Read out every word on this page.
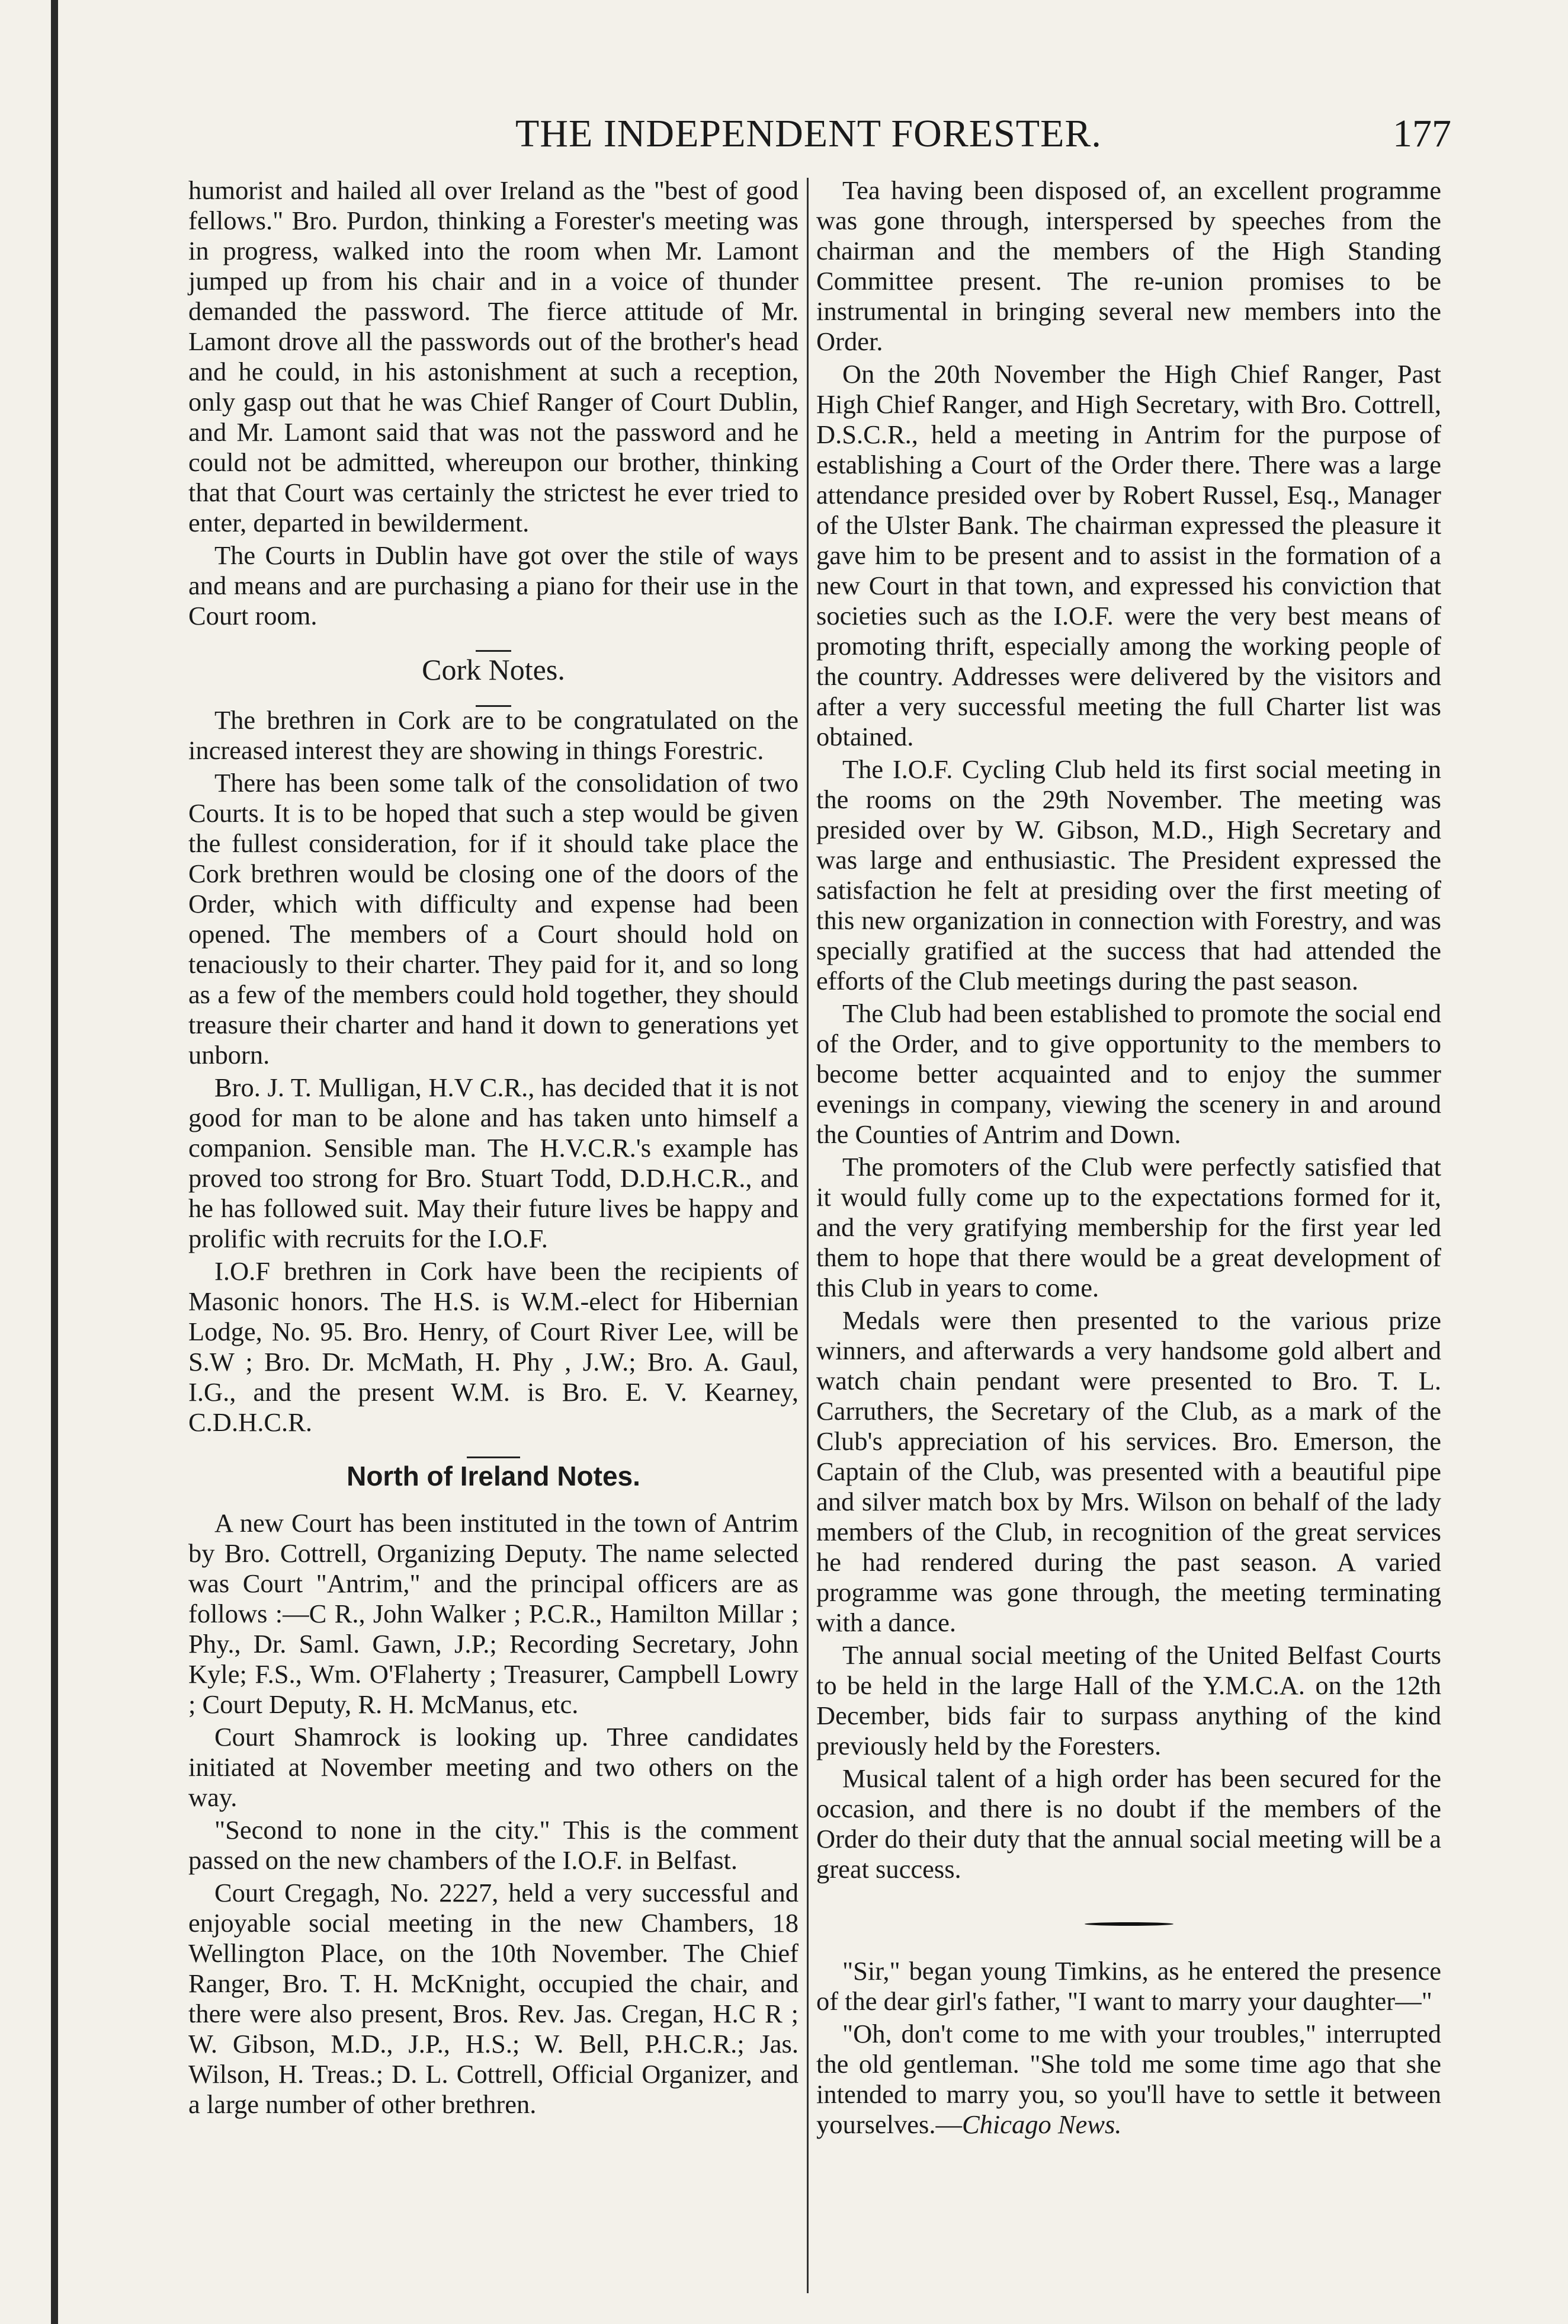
THE INDEPENDENT FORESTER.	177

humorist and hailed all over Ireland as the "best of good fellows." Bro. Purdon, thinking a Forester's meeting was in progress, walked into the room when Mr. Lamont jumped up from his chair and in a voice of thunder demanded the password. The fierce attitude of Mr. Lamont drove all the passwords out of the brother's head and he could, in his astonishment at such a reception, only gasp out that he was Chief Ranger of Court Dublin, and Mr. Lamont said that was not the password and he could not be admitted, whereupon our brother, thinking that that Court was certainly the strictest he ever tried to enter, departed in bewilderment.

The Courts in Dublin have got over the stile of ways and means and are purchasing a piano for their use in the Court room.

Cork Notes.

The brethren in Cork are to be congratulated on the increased interest they are showing in things Forestric.

There has been some talk of the consolidation of two Courts. It is to be hoped that such a step would be given the fullest consideration, for if it should take place the Cork brethren would be closing one of the doors of the Order, which with difficulty and expense had been opened. The members of a Court should hold on tenaciously to their charter. They paid for it, and so long as a few of the members could hold together, they should treasure their charter and hand it down to generations yet unborn.

Bro. J. T. Mulligan, H.V C.R., has decided that it is not good for man to be alone and has taken unto himself a companion. Sensible man. The H.V.C.R.'s example has proved too strong for Bro. Stuart Todd, D.D.H.C.R., and he has followed suit. May their future lives be happy and prolific with recruits for the I.O.F.

I.O.F brethren in Cork have been the recipients of Masonic honors. The H.S. is W.M.-elect for Hibernian Lodge, No. 95. Bro. Henry, of Court River Lee, will be S.W ; Bro. Dr. McMath, H. Phy , J.W.; Bro. A. Gaul, I.G., and the present W.M. is Bro. E. V. Kearney, C.D.H.C.R.

North of Ireland Notes.

A new Court has been instituted in the town of Antrim by Bro. Cottrell, Organizing Deputy. The name selected was Court "Antrim," and the principal officers are as follows :—C R., John Walker ; P.C.R., Hamilton Millar ; Phy., Dr. Saml. Gawn, J.P.; Recording Secretary, John Kyle; F.S., Wm. O'Flaherty ; Treasurer, Campbell Lowry ; Court Deputy, R. H. McManus, etc.

Court Shamrock is looking up. Three candidates initiated at November meeting and two others on the way.

"Second to none in the city." This is the comment passed on the new chambers of the I.O.F. in Belfast.

Court Cregagh, No. 2227, held a very successful and enjoyable social meeting in the new Chambers, 18 Wellington Place, on the 10th November. The Chief Ranger, Bro. T. H. McKnight, occupied the chair, and there were also present, Bros. Rev. Jas. Cregan, H.C R ; W. Gibson, M.D., J.P., H.S.; W. Bell, P.H.C.R.; Jas. Wilson, H. Treas.; D. L. Cottrell, Official Organizer, and a large number of other brethren.

Tea having been disposed of, an excellent programme was gone through, interspersed by speeches from the chairman and the members of the High Standing Committee present. The re-union promises to be instrumental in bringing several new members into the Order.

On the 20th November the High Chief Ranger, Past High Chief Ranger, and High Secretary, with Bro. Cottrell, D.S.C.R., held a meeting in Antrim for the purpose of establishing a Court of the Order there. There was a large attendance presided over by Robert Russel, Esq., Manager of the Ulster Bank. The chairman expressed the pleasure it gave him to be present and to assist in the formation of a new Court in that town, and expressed his conviction that societies such as the I.O.F. were the very best means of promoting thrift, especially among the working people of the country. Addresses were delivered by the visitors and after a very successful meeting the full Charter list was obtained.

The I.O.F. Cycling Club held its first social meeting in the rooms on the 29th November. The meeting was presided over by W. Gibson, M.D., High Secretary and was large and enthusiastic. The President expressed the satisfaction he felt at presiding over the first meeting of this new organization in connection with Forestry, and was specially gratified at the success that had attended the efforts of the Club meetings during the past season.

The Club had been established to promote the social end of the Order, and to give opportunity to the members to become better acquainted and to enjoy the summer evenings in company, viewing the scenery in and around the Counties of Antrim and Down.

The promoters of the Club were perfectly satisfied that it would fully come up to the expectations formed for it, and the very gratifying membership for the first year led them to hope that there would be a great development of this Club in years to come.

Medals were then presented to the various prize winners, and afterwards a very handsome gold albert and watch chain pendant were presented to Bro. T. L. Carruthers, the Secretary of the Club, as a mark of the Club's appreciation of his services. Bro. Emerson, the Captain of the Club, was presented with a beautiful pipe and silver match box by Mrs. Wilson on behalf of the lady members of the Club, in recognition of the great services he had rendered during the past season. A varied programme was gone through, the meeting terminating with a dance.

The annual social meeting of the United Belfast Courts to be held in the large Hall of the Y.M.C.A. on the 12th December, bids fair to surpass anything of the kind previously held by the Foresters.

Musical talent of a high order has been secured for the occasion, and there is no doubt if the members of the Order do their duty that the annual social meeting will be a great success.

"Sir," began young Timkins, as he entered the presence of the dear girl's father, "I want to marry your daughter—"

"Oh, don't come to me with your troubles," interrupted the old gentleman. "She told me some time ago that she intended to marry you, so you'll have to settle it between yourselves.—Chicago News.
